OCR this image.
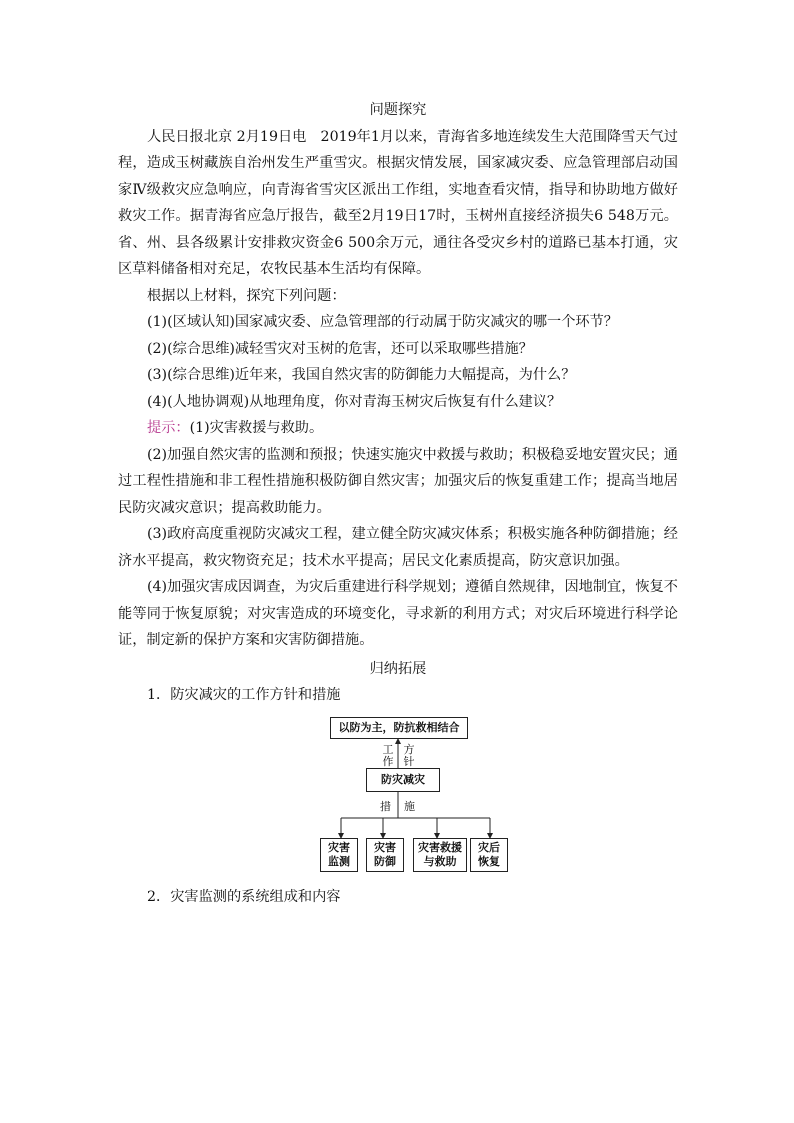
问题探究

人民日报北京 2月19日电　2019年1月以来，青海省多地连续发生大范围降雪天气过程，造成玉树藏族自治州发生严重雪灾。根据灾情发展，国家减灾委、应急管理部启动国家Ⅳ级救灾应急响应，向青海省雪灾区派出工作组，实地查看灾情，指导和协助地方做好救灾工作。据青海省应急厅报告，截至2月19日17时，玉树州直接经济损失6 548万元。省、州、县各级累计安排救灾资金6 500余万元，通往各受灾乡村的道路已基本打通，灾区草料储备相对充足，农牧民基本生活均有保障。

根据以上材料，探究下列问题：

(1)(区域认知)国家减灾委、应急管理部的行动属于防灾减灾的哪一个环节？

(2)(综合思维)减轻雪灾对玉树的危害，还可以采取哪些措施？

(3)(综合思维)近年来，我国自然灾害的防御能力大幅提高，为什么？

(4)(人地协调观)从地理角度，你对青海玉树灾后恢复有什么建议？

提示：(1)灾害救援与救助。

(2)加强自然灾害的监测和预报；快速实施灾中救援与救助；积极稳妥地安置灾民；通过工程性措施和非工程性措施积极防御自然灾害；加强灾后的恢复重建工作；提高当地居民防灾减灾意识；提高救助能力。

(3)政府高度重视防灾减灾工程，建立健全防灾减灾体系；积极实施各种防御措施；经济水平提高，救灾物资充足；技术水平提高；居民文化素质提高，防灾意识加强。

(4)加强灾害成因调查，为灾后重建进行科学规划；遵循自然规律，因地制宜，恢复不能等同于恢复原貌；对灾害造成的环境变化，寻求新的利用方式；对灾后环境进行科学论证，制定新的保护方案和灾害防御措施。

归纳拓展

1．防灾减灾的工作方针和措施

以防为主，防抗救相结合
工作
方针
防灾减灾
措 施
灾害监测
灾害防御
灾害救援与救助
灾后恢复

2．灾害监测的系统组成和内容
